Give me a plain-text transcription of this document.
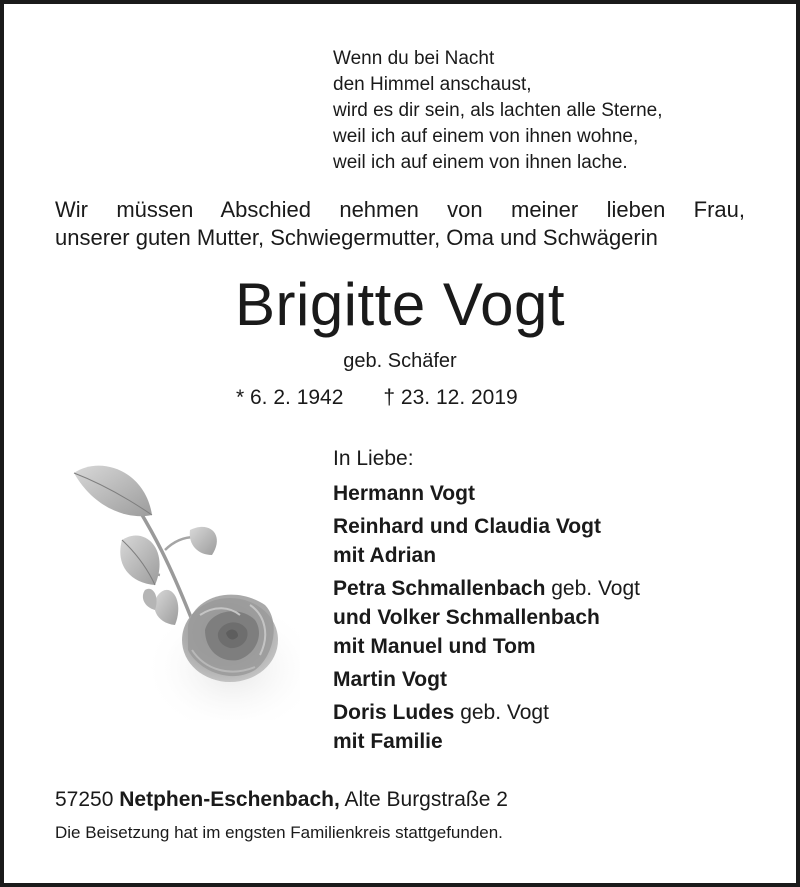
Wenn du bei Nacht
den Himmel anschaust,
wird es dir sein, als lachten alle Sterne,
weil ich auf einem von ihnen wohne,
weil ich auf einem von ihnen lache.
Wir müssen Abschied nehmen von meiner lieben Frau,
unserer guten Mutter, Schwiegermutter, Oma und Schwägerin
Brigitte Vogt
geb. Schäfer
* 6. 2. 1942 † 23. 12. 2019
In Liebe:
Hermann Vogt
Reinhard und Claudia Vogt
mit Adrian
Petra Schmallenbach geb. Vogt
und Volker Schmallenbach
mit Manuel und Tom
Martin Vogt
Doris Ludes geb. Vogt
mit Familie
57250 Netphen-Eschenbach, Alte Burgstraße 2
Die Beisetzung hat im engsten Familienkreis stattgefunden.
